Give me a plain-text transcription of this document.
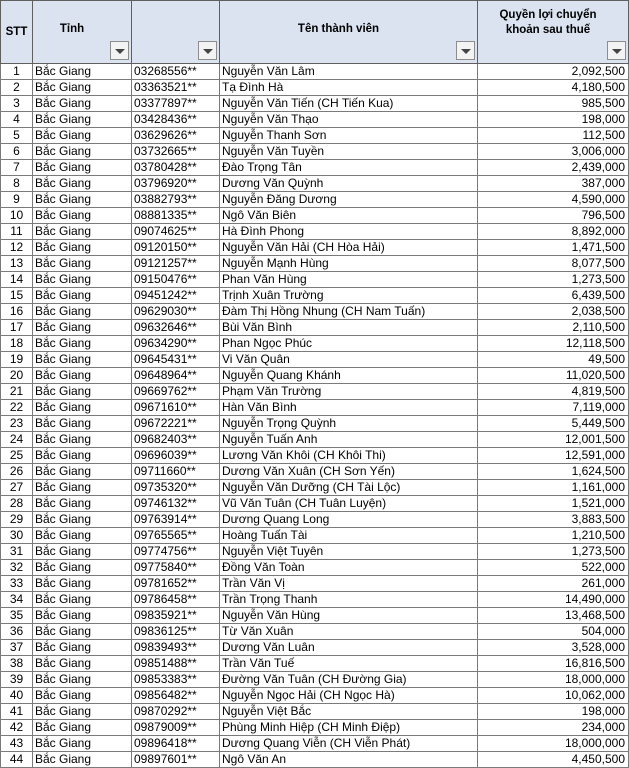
STT	Tỉnh		Tên thành viên	Quyền lợi chuyển khoản sau thuế

1	Bắc Giang	03268556**	Nguyễn Văn Lâm	2,092,500
2	Bắc Giang	03363521**	Tạ Đình Hà	4,180,500
3	Bắc Giang	03377897**	Nguyễn Văn Tiến (CH Tiến Kua)	985,500
4	Bắc Giang	03428436**	Nguyễn Văn Thạo	198,000
5	Bắc Giang	03629626**	Nguyễn Thanh Sơn	112,500
6	Bắc Giang	03732665**	Nguyễn Văn Tuyền	3,006,000
7	Bắc Giang	03780428**	Đào Trọng Tân	2,439,000
8	Bắc Giang	03796920**	Dương Văn Quỳnh	387,000
9	Bắc Giang	03882793**	Nguyễn Đăng Dương	4,590,000
10	Bắc Giang	08881335**	Ngô Văn Biên	796,500
11	Bắc Giang	09074625**	Hà Đình Phong	8,892,000
12	Bắc Giang	09120150**	Nguyễn Văn Hải (CH Hòa Hải)	1,471,500
13	Bắc Giang	09121257**	Nguyễn Mạnh Hùng	8,077,500
14	Bắc Giang	09150476**	Phan Văn Hùng	1,273,500
15	Bắc Giang	09451242**	Trịnh Xuân Trường	6,439,500
16	Bắc Giang	09629030**	Đàm Thị Hồng Nhung (CH Nam Tuấn)	2,038,500
17	Bắc Giang	09632646**	Bùi Văn Bình	2,110,500
18	Bắc Giang	09634290**	Phan Ngọc Phúc	12,118,500
19	Bắc Giang	09645431**	Vi Văn Quân	49,500
20	Bắc Giang	09648964**	Nguyễn Quang Khánh	11,020,500
21	Bắc Giang	09669762**	Phạm Văn Trường	4,819,500
22	Bắc Giang	09671610**	Hàn Văn Bình	7,119,000
23	Bắc Giang	09672221**	Nguyễn Trọng Quỳnh	5,449,500
24	Bắc Giang	09682403**	Nguyễn Tuấn Anh	12,001,500
25	Bắc Giang	09696039**	Lương Văn Khôi (CH Khôi Thi)	12,591,000
26	Bắc Giang	09711660**	Dương Văn Xuân (CH Sơn Yến)	1,624,500
27	Bắc Giang	09735320**	Nguyễn Văn Dưỡng (CH Tài Lộc)	1,161,000
28	Bắc Giang	09746132**	Vũ Văn Tuân (CH Tuân Luyện)	1,521,000
29	Bắc Giang	09763914**	Dương Quang Long	3,883,500
30	Bắc Giang	09765565**	Hoàng Tuấn Tài	1,210,500
31	Bắc Giang	09774756**	Nguyễn Việt Tuyên	1,273,500
32	Bắc Giang	09775840**	Đồng Văn Toàn	522,000
33	Bắc Giang	09781652**	Trần Văn Vị	261,000
34	Bắc Giang	09786458**	Trần Trọng Thanh	14,490,000
35	Bắc Giang	09835921**	Nguyễn Văn Hùng	13,468,500
36	Bắc Giang	09836125**	Từ Văn Xuân	504,000
37	Bắc Giang	09839493**	Dương Văn Luân	3,528,000
38	Bắc Giang	09851488**	Trần Văn Tuế	16,816,500
39	Bắc Giang	09853383**	Đường Văn Tuân (CH Đường Gia)	18,000,000
40	Bắc Giang	09856482**	Nguyễn Ngọc Hải (CH Ngọc Hà)	10,062,000
41	Bắc Giang	09870292**	Nguyễn Việt Bắc	198,000
42	Bắc Giang	09879009**	Phùng Minh Hiệp (CH Minh Điệp)	234,000
43	Bắc Giang	09896418**	Dương Quang Viễn (CH Viễn Phát)	18,000,000
44	Bắc Giang	09897601**	Ngô Văn An	4,450,500
